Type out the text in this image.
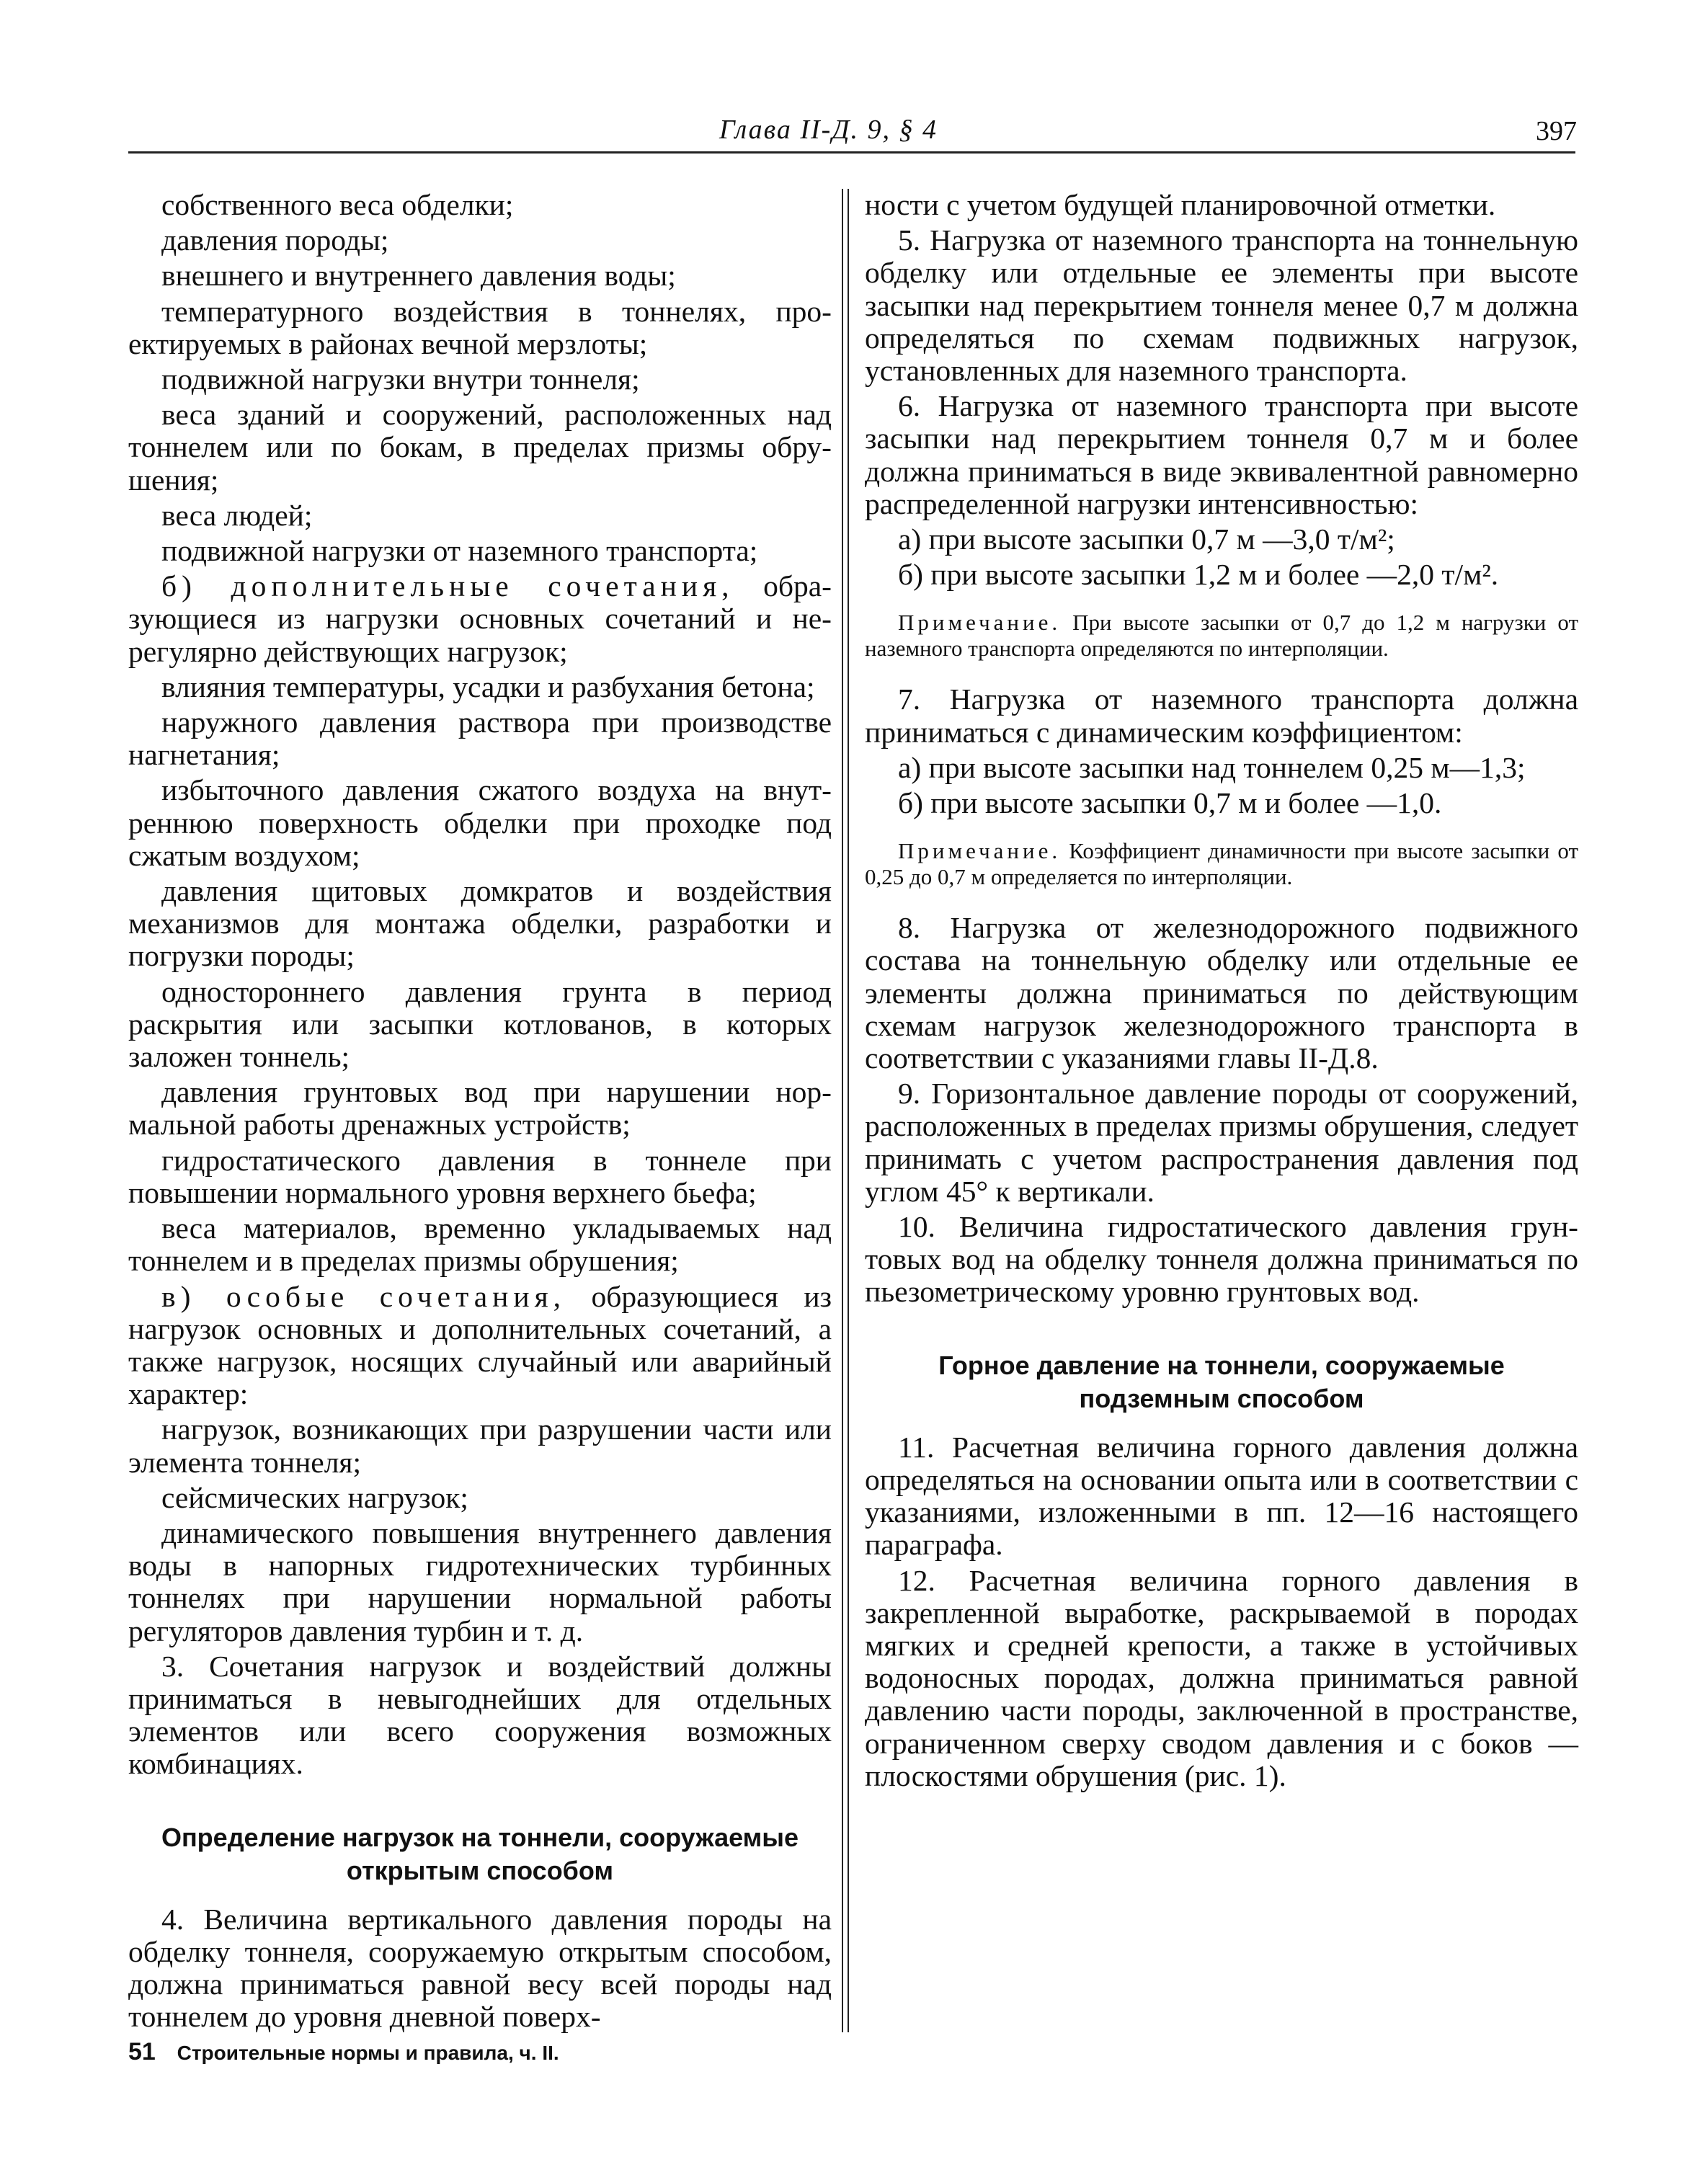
Глава II-Д. 9, § 4	397

собственного веса обделки;

давления породы;

внешнего и внутреннего давления воды;

температурного воздействия в тоннелях, проектируемых в районах вечной мерзлоты;

подвижной нагрузки внутри тоннеля;

веса зданий и сооружений, расположенных над тоннелем или по бокам, в пределах призмы обрушения;

веса людей;

подвижной нагрузки от наземного транспорта;

б) дополнительные сочетания, образующиеся из нагрузки основных сочетаний и нерегулярно действующих нагрузок;

влияния температуры, усадки и разбухания бетона;

наружного давления раствора при производстве нагнетания;

избыточного давления сжатого воздуха на внутреннюю поверхность обделки при проходке под сжатым воздухом;

давления щитовых домкратов и воздействия механизмов для монтажа обделки, разработки и погрузки породы;

одностороннего давления грунта в период раскрытия или засыпки котлованов, в которых заложен тоннель;

давления грунтовых вод при нарушении нормальной работы дренажных устройств;

гидростатического давления в тоннеле при повышении нормального уровня верхнего бьефа;

веса материалов, временно укладываемых над тоннелем и в пределах призмы обрушения;

в) особые сочетания, образующиеся из нагрузок основных и дополнительных сочетаний, а также нагрузок, носящих случайный или аварийный характер:

нагрузок, возникающих при разрушении части или элемента тоннеля;

сейсмических нагрузок;

динамического повышения внутреннего давления воды в напорных гидротехнических турбинных тоннелях при нарушении нормальной работы регуляторов давления турбин и т. д.

3. Сочетания нагрузок и воздействий должны приниматься в невыгоднейших для отдельных элементов или всего сооружения возможных комбинациях.

Определение нагрузок на тоннели, сооружаемые открытым способом

4. Величина вертикального давления породы на обделку тоннеля, сооружаемую открытым способом, должна приниматься равной весу всей породы над тоннелем до уровня дневной поверх-

ности с учетом будущей планировочной отметки.

5. Нагрузка от наземного транспорта на тоннельную обделку или отдельные ее элементы при высоте засыпки над перекрытием тоннеля менее 0,7 м должна определяться по схемам подвижных нагрузок, установленных для наземного транспорта.

6. Нагрузка от наземного транспорта при высоте засыпки над перекрытием тоннеля 0,7 м и более должна приниматься в виде эквивалентной равномерно распределенной нагрузки интенсивностью:

а) при высоте засыпки 0,7 м —3,0 т/м²;

б) при высоте засыпки 1,2 м и более —2,0 т/м².

Примечание. При высоте засыпки от 0,7 до 1,2 м нагрузки от наземного транспорта определяются по интерполяции.

7. Нагрузка от наземного транспорта должна приниматься с динамическим коэффициентом:

а) при высоте засыпки над тоннелем 0,25 м—1,3;

б) при высоте засыпки 0,7 м и более —1,0.

Примечание. Коэффициент динамичности при высоте засыпки от 0,25 до 0,7 м определяется по интерполяции.

8. Нагрузка от железнодорожного подвижного состава на тоннельную обделку или отдельные ее элементы должна приниматься по действующим схемам нагрузок железнодорожного транспорта в соответствии с указаниями главы II-Д.8.

9. Горизонтальное давление породы от сооружений, расположенных в пределах призмы обрушения, следует принимать с учетом распространения давления под углом 45° к вертикали.

10. Величина гидростатического давления грунтовых вод на обделку тоннеля должна приниматься по пьезометрическому уровню грунтовых вод.

Горное давление на тоннели, сооружаемые подземным способом

11. Расчетная величина горного давления должна определяться на основании опыта или в соответствии с указаниями, изложенными в пп. 12—16 настоящего параграфа.

12. Расчетная величина горного давления в закрепленной выработке, раскрываемой в породах мягких и средней крепости, а также в устойчивых водоносных породах, должна приниматься равной давлению части породы, заключенной в пространстве, ограниченном сверху сводом давления и с боков — плоскостями обрушения (рис. 1).

51 Строительные нормы и правила, ч. II.
